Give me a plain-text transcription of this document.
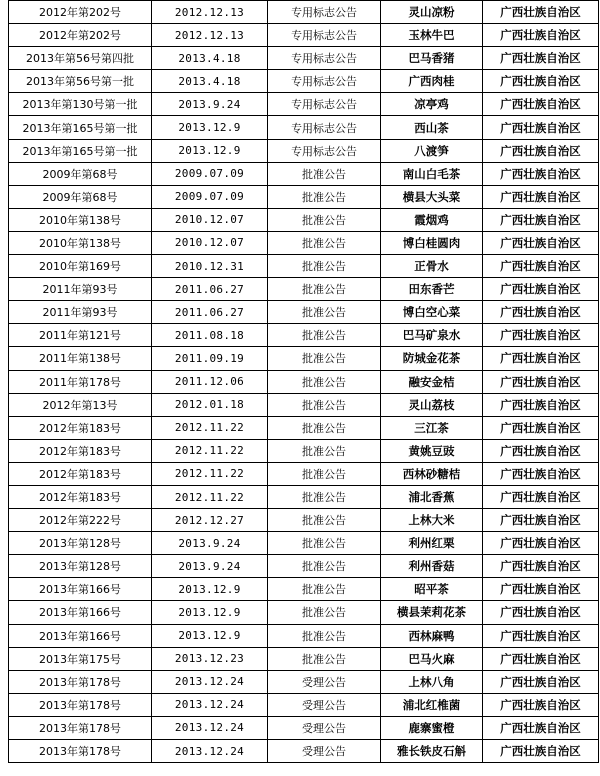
2012年第202号	2012.12.13	专用标志公告	灵山凉粉	广西壮族自治区
2012年第202号	2012.12.13	专用标志公告	玉林牛巴	广西壮族自治区
2013年第56号第四批	2013.4.18	专用标志公告	巴马香猪	广西壮族自治区
2013年第56号第一批	2013.4.18	专用标志公告	广西肉桂	广西壮族自治区
2013年第130号第一批	2013.9.24	专用标志公告	凉亭鸡	广西壮族自治区
2013年第165号第一批	2013.12.9	专用标志公告	西山茶	广西壮族自治区
2013年第165号第一批	2013.12.9	专用标志公告	八渡笋	广西壮族自治区
2009年第68号	2009.07.09	批准公告	南山白毛茶	广西壮族自治区
2009年第68号	2009.07.09	批准公告	横县大头菜	广西壮族自治区
2010年第138号	2010.12.07	批准公告	霞烟鸡	广西壮族自治区
2010年第138号	2010.12.07	批准公告	博白桂圆肉	广西壮族自治区
2010年第169号	2010.12.31	批准公告	正骨水	广西壮族自治区
2011年第93号	2011.06.27	批准公告	田东香芒	广西壮族自治区
2011年第93号	2011.06.27	批准公告	博白空心菜	广西壮族自治区
2011年第121号	2011.08.18	批准公告	巴马矿泉水	广西壮族自治区
2011年第138号	2011.09.19	批准公告	防城金花茶	广西壮族自治区
2011年第178号	2011.12.06	批准公告	融安金桔	广西壮族自治区
2012年第13号	2012.01.18	批准公告	灵山荔枝	广西壮族自治区
2012年第183号	2012.11.22	批准公告	三江茶	广西壮族自治区
2012年第183号	2012.11.22	批准公告	黄姚豆豉	广西壮族自治区
2012年第183号	2012.11.22	批准公告	西林砂糖桔	广西壮族自治区
2012年第183号	2012.11.22	批准公告	浦北香蕉	广西壮族自治区
2012年第222号	2012.12.27	批准公告	上林大米	广西壮族自治区
2013年第128号	2013.9.24	批准公告	利州红栗	广西壮族自治区
2013年第128号	2013.9.24	批准公告	利州香菇	广西壮族自治区
2013年第166号	2013.12.9	批准公告	昭平茶	广西壮族自治区
2013年第166号	2013.12.9	批准公告	横县茉莉花茶	广西壮族自治区
2013年第166号	2013.12.9	批准公告	西林麻鸭	广西壮族自治区
2013年第175号	2013.12.23	批准公告	巴马火麻	广西壮族自治区
2013年第178号	2013.12.24	受理公告	上林八角	广西壮族自治区
2013年第178号	2013.12.24	受理公告	浦北红椎菌	广西壮族自治区
2013年第178号	2013.12.24	受理公告	鹿寨蜜橙	广西壮族自治区
2013年第178号	2013.12.24	受理公告	雅长铁皮石斛	广西壮族自治区
